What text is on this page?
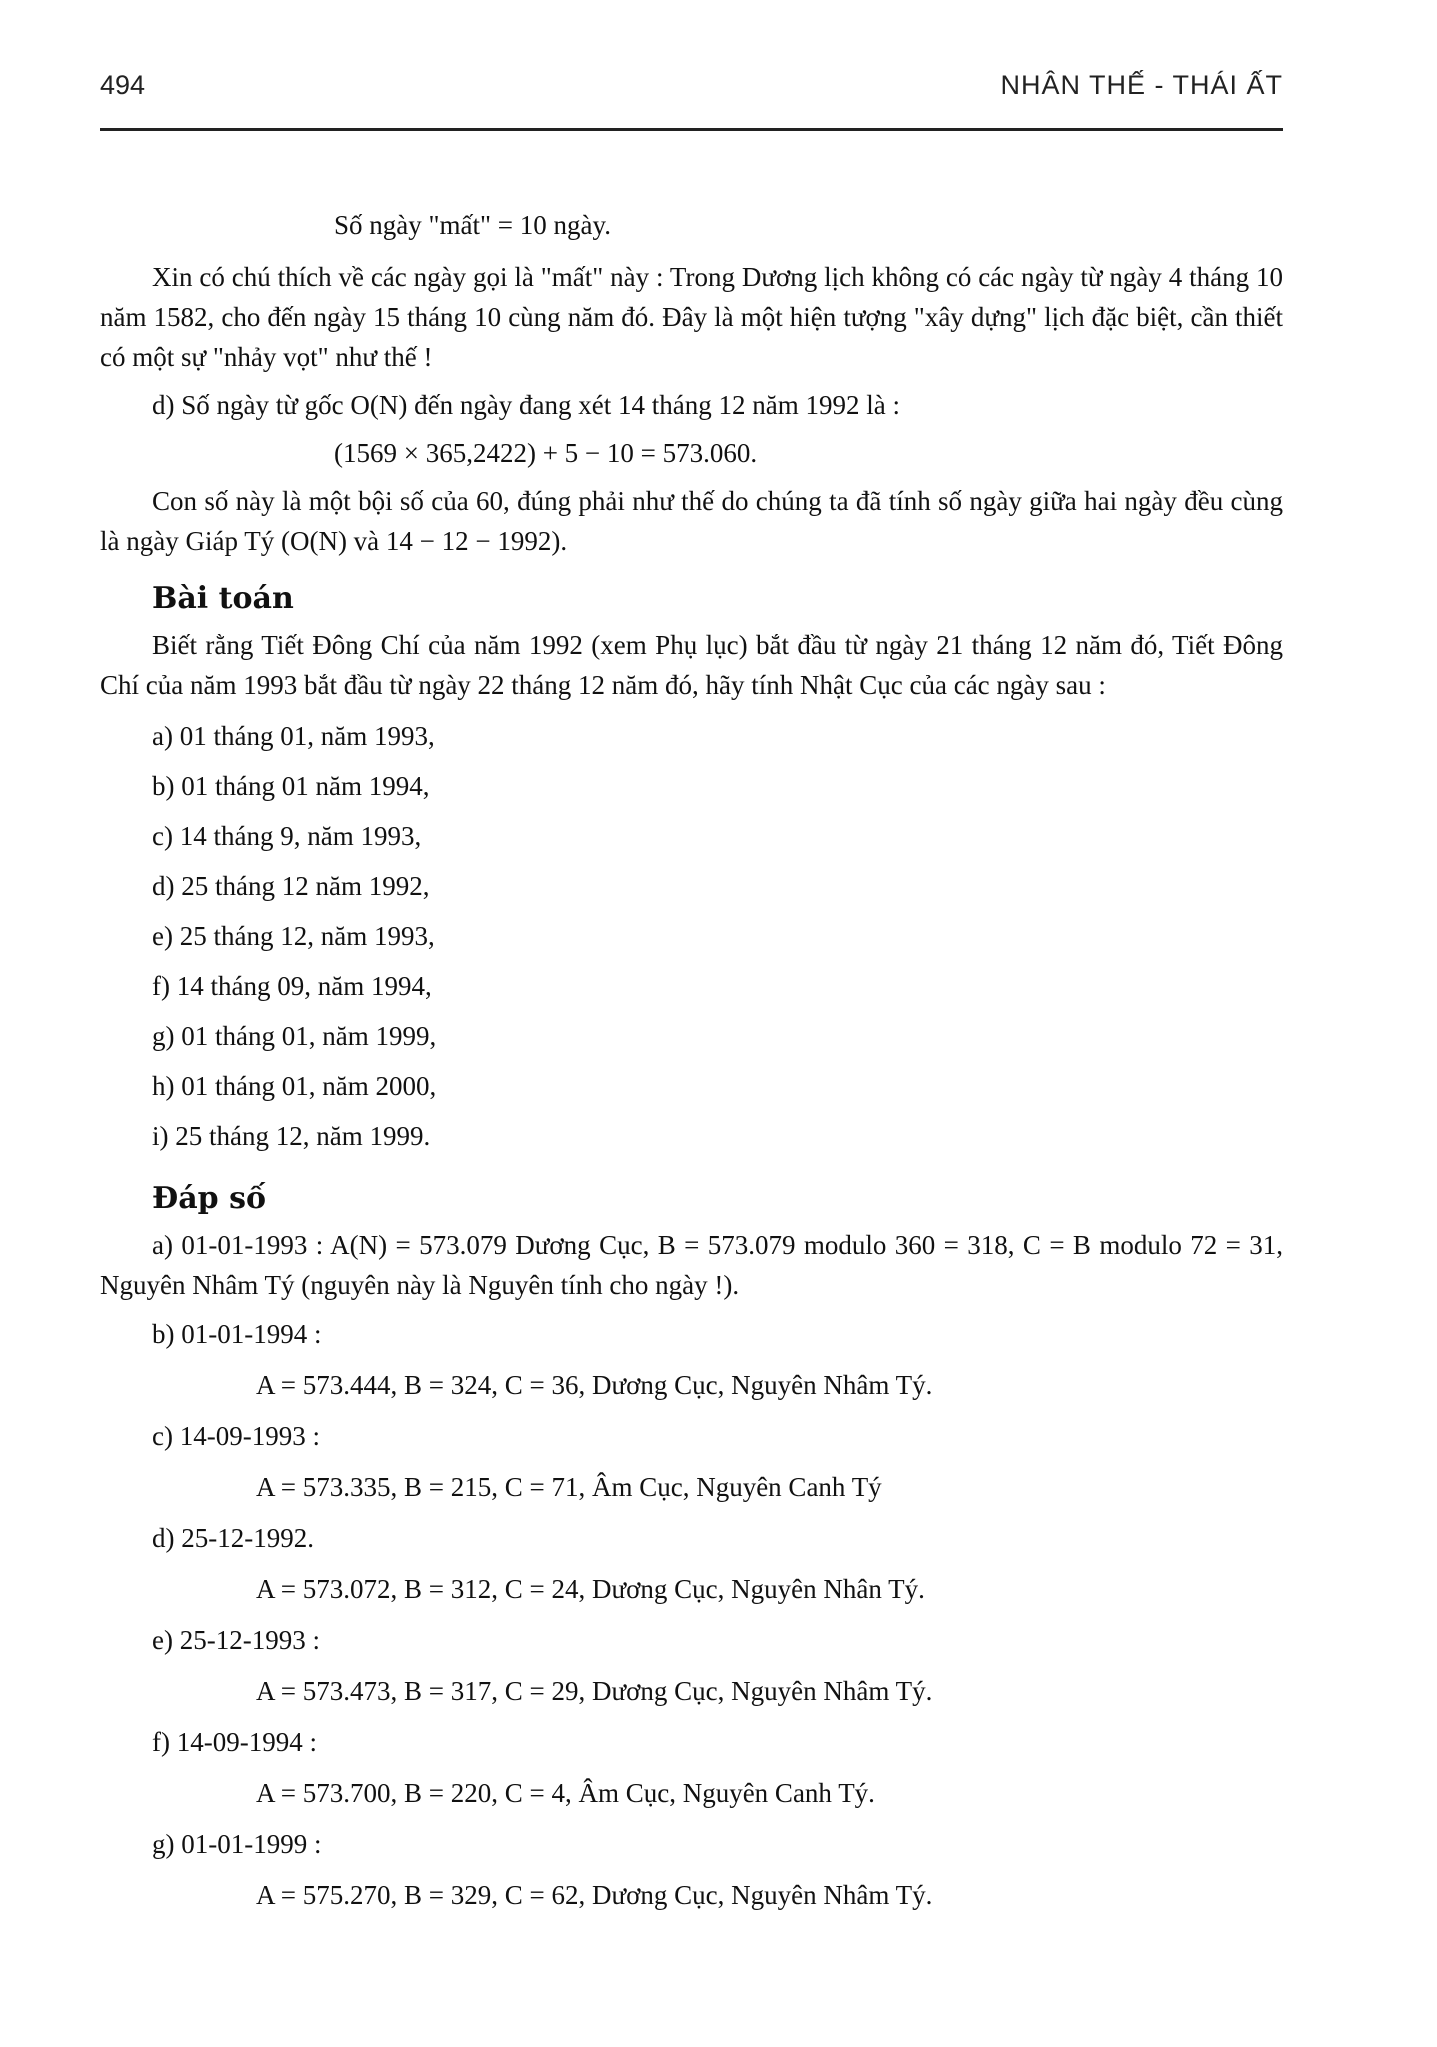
494	NHÂN THẾ - THÁI ẤT

Số ngày "mất" = 10 ngày.

Xin có chú thích về các ngày gọi là "mất" này : Trong Dương lịch không có các ngày từ ngày 4 tháng 10 năm 1582, cho đến ngày 15 tháng 10 cùng năm đó. Đây là một hiện tượng "xây dựng" lịch đặc biệt, cần thiết có một sự "nhảy vọt" như thế !

d) Số ngày từ gốc O(N) đến ngày đang xét 14 tháng 12 năm 1992 là :

(1569 × 365,2422) + 5 − 10 = 573.060.

Con số này là một bội số của 60, đúng phải như thế do chúng ta đã tính số ngày giữa hai ngày đều cùng là ngày Giáp Tý (O(N) và 14 − 12 − 1992).

Bài toán

Biết rằng Tiết Đông Chí của năm 1992 (xem Phụ lục) bắt đầu từ ngày 21 tháng 12 năm đó, Tiết Đông Chí của năm 1993 bắt đầu từ ngày 22 tháng 12 năm đó, hãy tính Nhật Cục của các ngày sau :

a) 01 tháng 01, năm 1993,

b) 01 tháng 01 năm 1994,

c) 14 tháng 9, năm 1993,

d) 25 tháng 12 năm 1992,

e) 25 tháng 12, năm 1993,

f) 14 tháng 09, năm 1994,

g) 01 tháng 01, năm 1999,

h) 01 tháng 01, năm 2000,

i) 25 tháng 12, năm 1999.

Đáp số

a) 01-01-1993 : A(N) = 573.079 Dương Cục, B = 573.079 modulo 360 = 318, C = B modulo 72 = 31, Nguyên Nhâm Tý (nguyên này là Nguyên tính cho ngày !).

b) 01-01-1994 :

A = 573.444, B = 324, C = 36, Dương Cục, Nguyên Nhâm Tý.

c) 14-09-1993 :

A = 573.335, B = 215, C = 71, Âm Cục, Nguyên Canh Tý

d) 25-12-1992.

A = 573.072, B = 312, C = 24, Dương Cục, Nguyên Nhân Tý.

e) 25-12-1993 :

A = 573.473, B = 317, C = 29, Dương Cục, Nguyên Nhâm Tý.

f) 14-09-1994 :

A = 573.700, B = 220, C = 4, Âm Cục, Nguyên Canh Tý.

g) 01-01-1999 :

A = 575.270, B = 329, C = 62, Dương Cục, Nguyên Nhâm Tý.
